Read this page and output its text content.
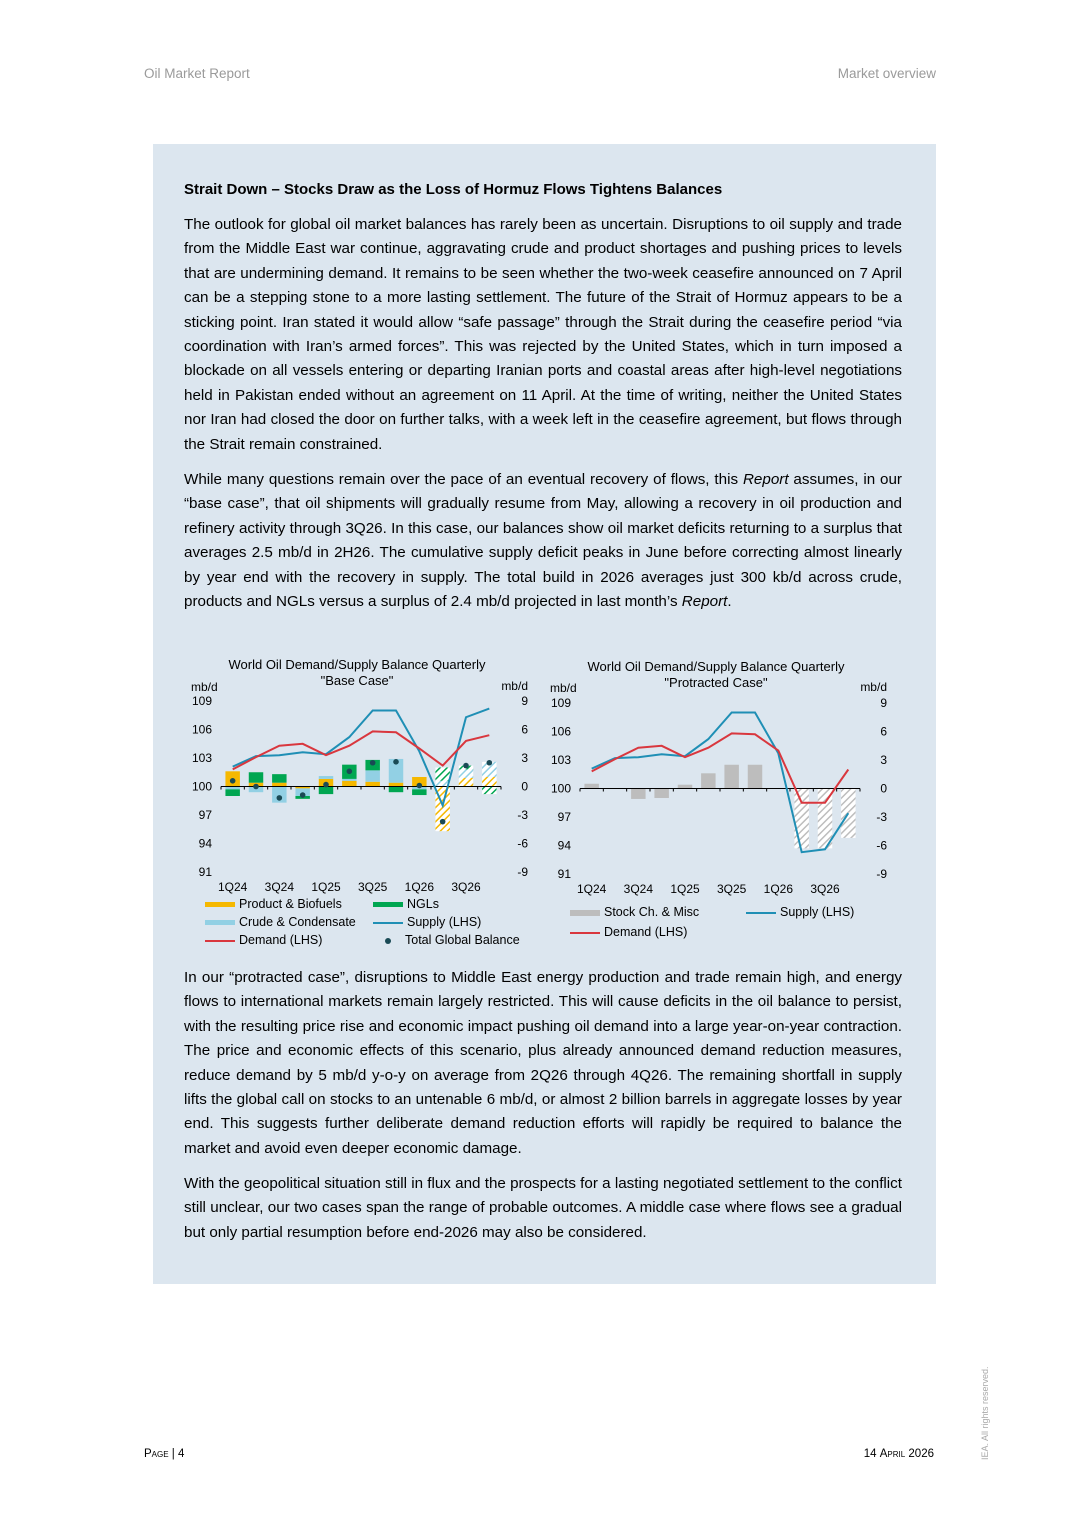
Oil Market Report	Market overview
Strait Down – Stocks Draw as the Loss of Hormuz Flows Tightens Balances

The outlook for global oil market balances has rarely been as uncertain. Disruptions to oil supply and trade from the Middle East war continue, aggravating crude and product shortages and pushing prices to levels that are undermining demand. It remains to be seen whether the two-week ceasefire announced on 7 April can be a stepping stone to a more lasting settlement. The future of the Strait of Hormuz appears to be a sticking point. Iran stated it would allow “safe passage” through the Strait during the ceasefire period “via coordination with Iran’s armed forces”. This was rejected by the United States, which in turn imposed a blockade on all vessels entering or departing Iranian ports and coastal areas after high-level negotiations held in Pakistan ended without an agreement on 11 April. At the time of writing, neither the United States nor Iran had closed the door on further talks, with a week left in the ceasefire agreement, but flows through the Strait remain constrained.

While many questions remain over the pace of an eventual recovery of flows, this Report assumes, in our “base case”, that oil shipments will gradually resume from May, allowing a recovery in oil production and refinery activity through 3Q26. In this case, our balances show oil market deficits returning to a surplus that averages 2.5 mb/d in 2H26. The cumulative supply deficit peaks in June before correcting almost linearly by year end with the recovery in supply. The total build in 2026 averages just 300 kb/d across crude, products and NGLs versus a surplus of 2.4 mb/d projected in last month’s Report.

World Oil Demand/Supply Balance Quarterly
"Base Case"
mb/d	mb/d
109
106
103
100
97
94
91
9
6
3
0
-3
-6
-9
1Q24 3Q24 1Q25 3Q25 1Q26 3Q26
Product & Biofuels	NGLs
Crude & Condensate	Supply (LHS)
Demand (LHS)	Total Global Balance
World Oil Demand/Supply Balance Quarterly
"Protracted Case"
mb/d	mb/d
109
106
103
100
97
94
91
9
6
3
0
-3
-6
-9
1Q24 3Q24 1Q25 3Q25 1Q26 3Q26
Stock Ch. & Misc	Supply (LHS)
Demand (LHS)

In our “protracted case”, disruptions to Middle East energy production and trade remain high, and energy flows to international markets remain largely restricted. This will cause deficits in the oil balance to persist, with the resulting price rise and economic impact pushing oil demand into a large year-on-year contraction. The price and economic effects of this scenario, plus already announced demand reduction measures, reduce demand by 5 mb/d y-o-y on average from 2Q26 through 4Q26. The remaining shortfall in supply lifts the global call on stocks to an untenable 6 mb/d, or almost 2 billion barrels in aggregate losses by year end. This suggests further deliberate demand reduction efforts will rapidly be required to balance the market and avoid even deeper economic damage.

With the geopolitical situation still in flux and the prospects for a lasting negotiated settlement to the conflict still unclear, our two cases span the range of probable outcomes. A middle case where flows see a gradual but only partial resumption before end-2026 may also be considered.

Page | 4	14 April 2026	IEA. All rights reserved.
